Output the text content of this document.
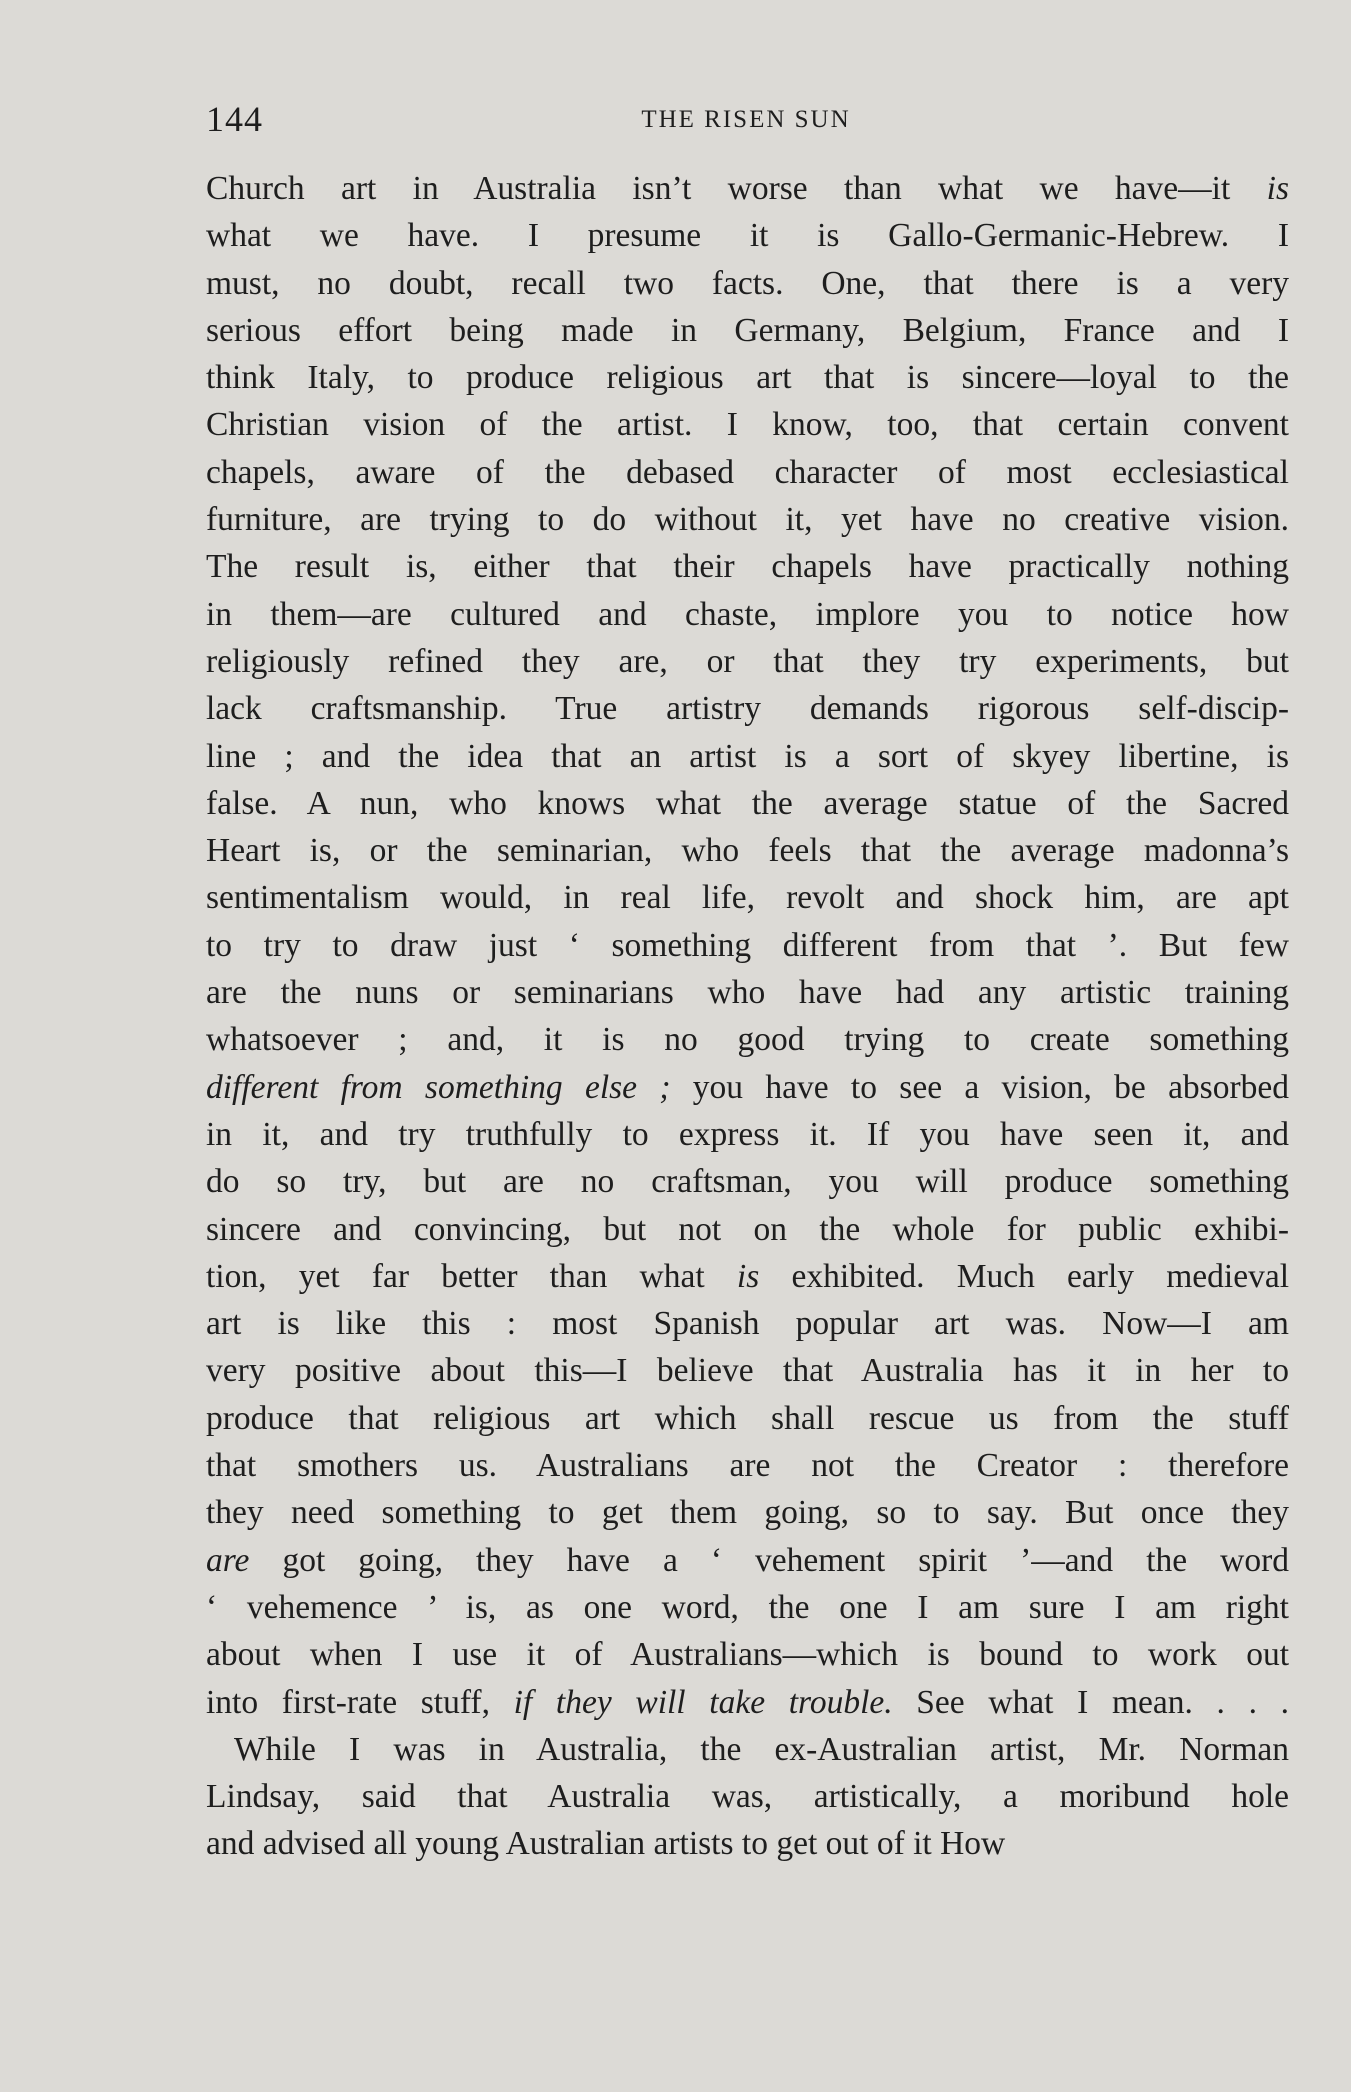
144	THE RISEN SUN
Church art in Australia isn’t worse than what we have—it is
what we have. I presume it is Gallo-Germanic-Hebrew. I
must, no doubt, recall two facts. One, that there is a very
serious effort being made in Germany, Belgium, France and I
think Italy, to produce religious art that is sincere—loyal to the
Christian vision of the artist. I know, too, that certain convent
chapels, aware of the debased character of most ecclesiastical
furniture, are trying to do without it, yet have no creative vision.
The result is, either that their chapels have practically nothing
in them—are cultured and chaste, implore you to notice how
religiously refined they are, or that they try experiments, but
lack craftsmanship. True artistry demands rigorous self-discip-
line ; and the idea that an artist is a sort of skyey libertine, is
false. A nun, who knows what the average statue of the Sacred
Heart is, or the seminarian, who feels that the average madonna’s
sentimentalism would, in real life, revolt and shock him, are apt
to try to draw just ‘ something different from that ’. But few
are the nuns or seminarians who have had any artistic training
whatsoever ; and, it is no good trying to create something
different from something else ; you have to see a vision, be absorbed
in it, and try truthfully to express it. If you have seen it, and
do so try, but are no craftsman, you will produce something
sincere and convincing, but not on the whole for public exhibi-
tion, yet far better than what is exhibited. Much early medieval
art is like this : most Spanish popular art was. Now—I am
very positive about this—I believe that Australia has it in her to
produce that religious art which shall rescue us from the stuff
that smothers us. Australians are not the Creator : therefore
they need something to get them going, so to say. But once they
are got going, they have a ‘ vehement spirit ’—and the word
‘ vehemence ’ is, as one word, the one I am sure I am right
about when I use it of Australians—which is bound to work out
into first-rate stuff, if they will take trouble. See what I mean. . . .
While I was in Australia, the ex-Australian artist, Mr. Norman
Lindsay, said that Australia was, artistically, a moribund hole
and advised all young Australian artists to get out of it How
